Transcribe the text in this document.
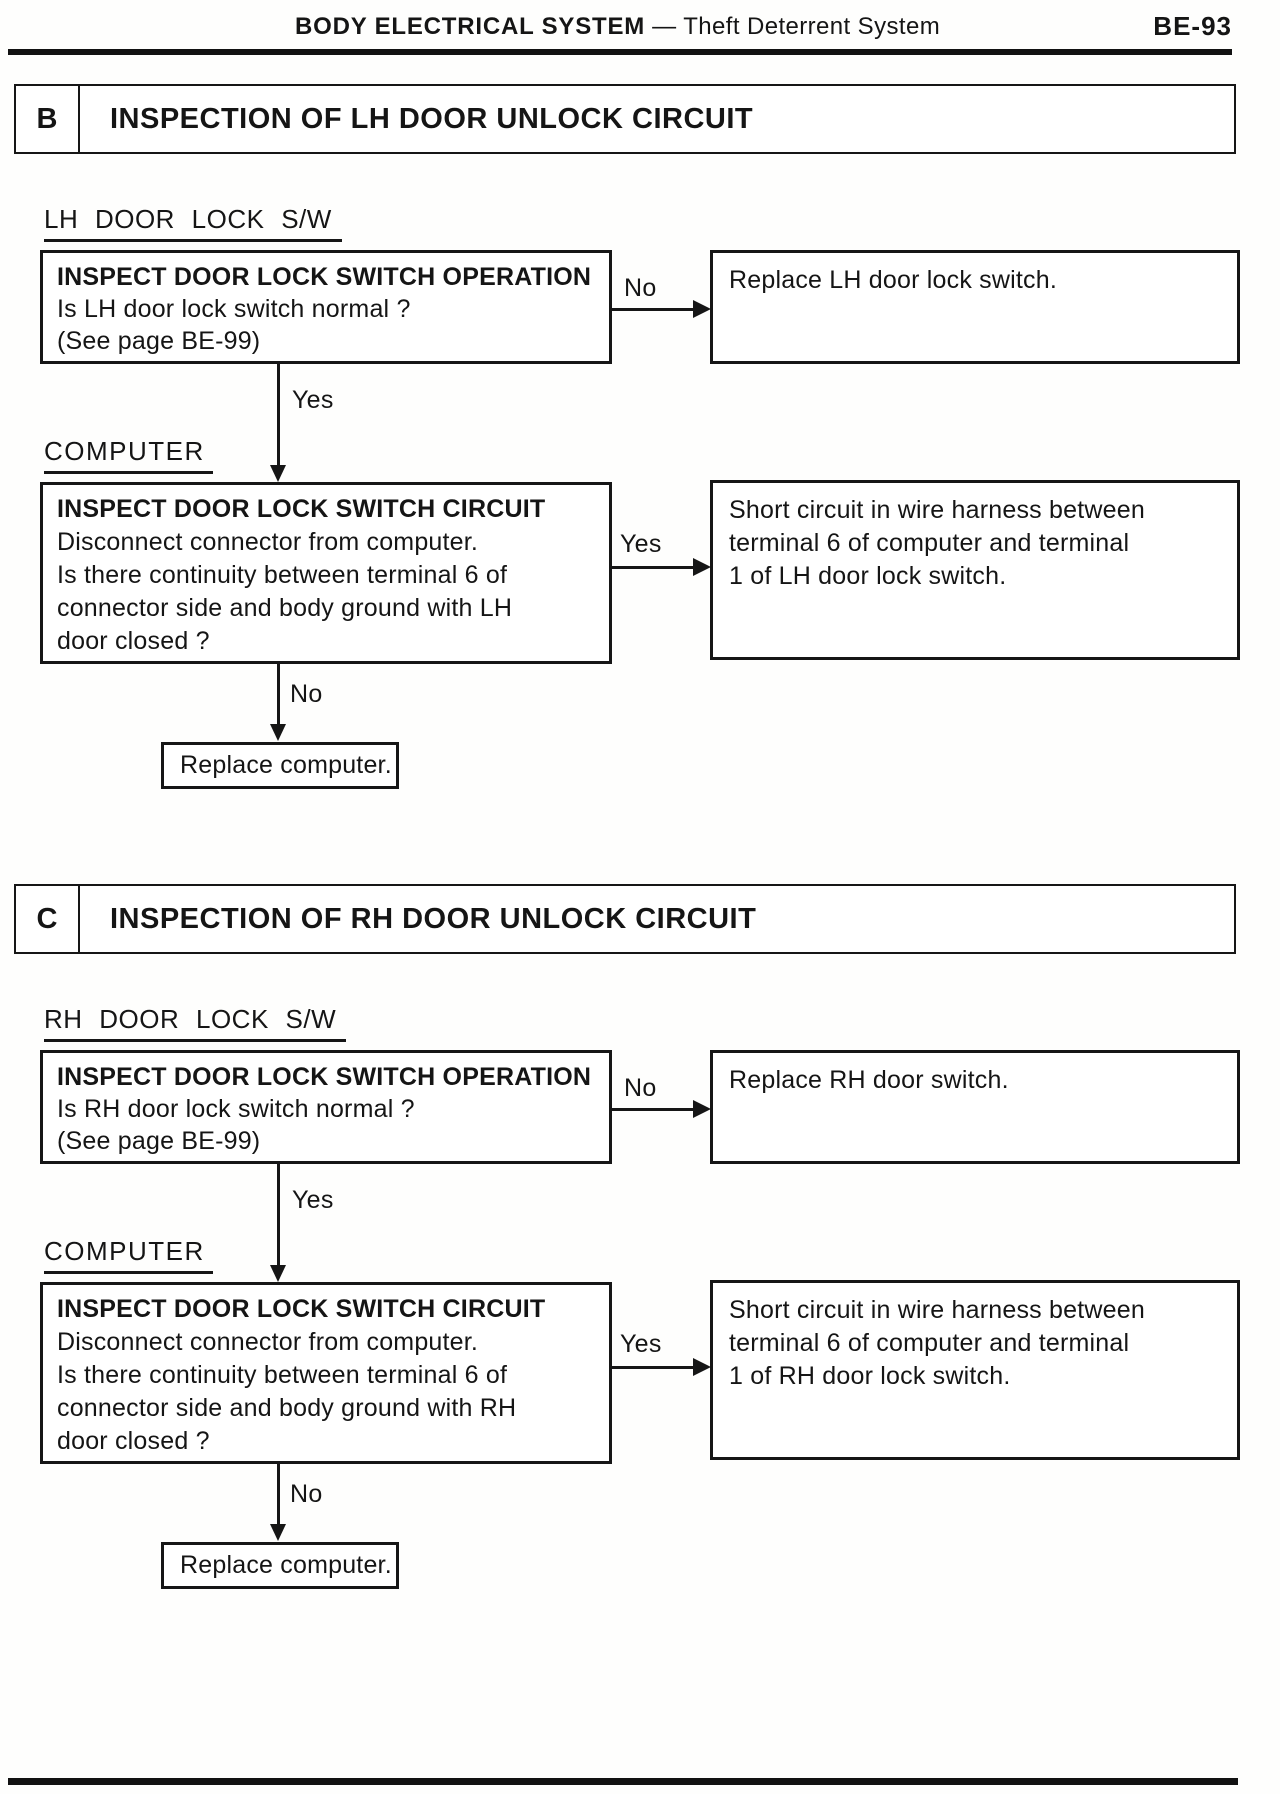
BODY ELECTRICAL SYSTEM — Theft Deterrent System	BE-93
B	INSPECTION OF LH DOOR UNLOCK CIRCUIT
LH DOOR LOCK S/W
INSPECT DOOR LOCK SWITCH OPERATION
Is LH door lock switch normal ?
(See page BE-99)
No	Replace LH door lock switch.
Yes
COMPUTER
INSPECT DOOR LOCK SWITCH CIRCUIT
Disconnect connector from computer.
Is there continuity between terminal 6 of
connector side and body ground with LH
door closed ?
Yes
Short circuit in wire harness between
terminal 6 of computer and terminal
1 of LH door lock switch.
No
Replace computer.
C	INSPECTION OF RH DOOR UNLOCK CIRCUIT
RH DOOR LOCK S/W
INSPECT DOOR LOCK SWITCH OPERATION
Is RH door lock switch normal ?
(See page BE-99)
No	Replace RH door switch.
Yes
COMPUTER
INSPECT DOOR LOCK SWITCH CIRCUIT
Disconnect connector from computer.
Is there continuity between terminal 6 of
connector side and body ground with RH
door closed ?
Yes
Short circuit in wire harness between
terminal 6 of computer and terminal
1 of RH door lock switch.
No
Replace computer.
